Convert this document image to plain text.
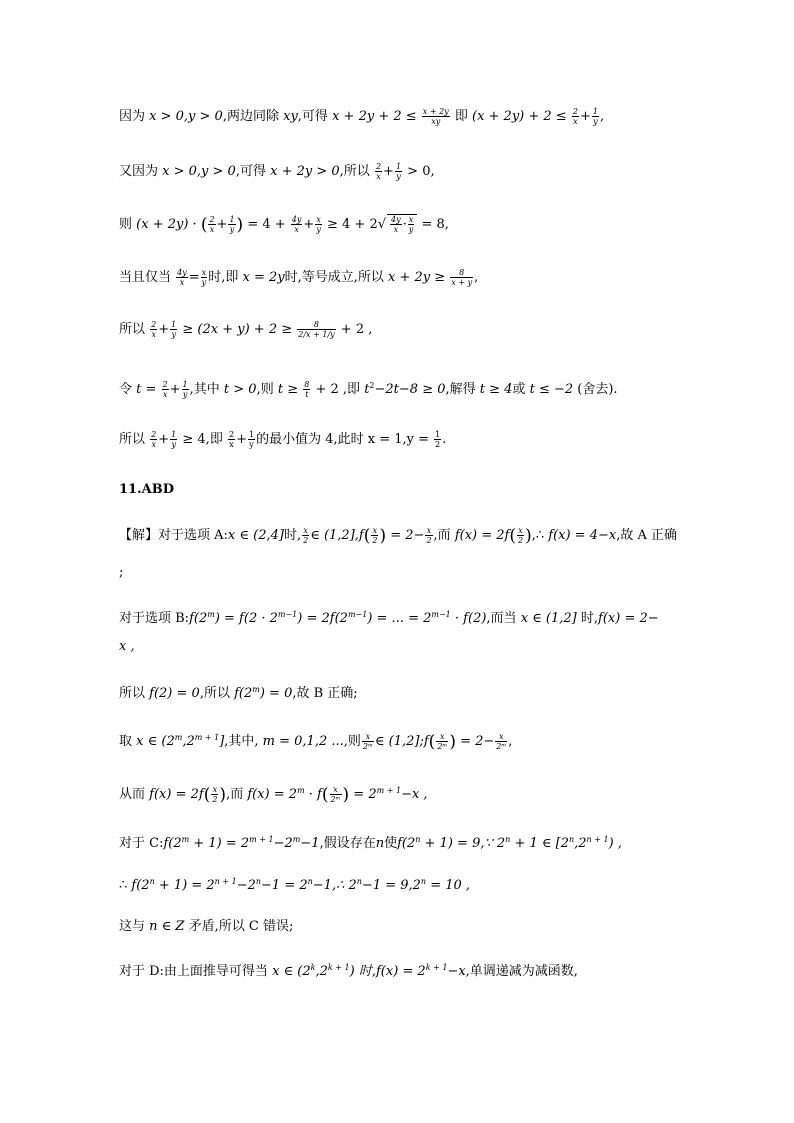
因为 x > 0,y > 0,两边同除 xy,可得 $x + 2y + 2 \le \frac{x + 2y}{xy}$ 即 $(x + 2y) + 2 \le \frac{2}{x} + \frac{1}{y}$ ,
又因为 x > 0,y > 0,可得 x + 2y > 0,所以 $\frac{2}{x} + \frac{1}{y} > 0$,
则 (x + 2y) · ( $\frac{2}{x} + \frac{1}{y}$ ) = $4 + \frac{4y}{x} + \frac{x}{y} \ge 4 + 2√ \frac{4y}{x} \cdot \frac{x}{y} = 8$,
当且仅当 $\frac{4y}{x} = \frac{x}{y}$ 时,即 x = 2y时,等号成立,所以 $x + 2y \ge \frac{8}{x + y}$ ,
所以 $\frac{2}{x} + \frac{1}{y} \ge (2x + y) + 2 \ge \frac{8}{2/x + 1/y} + 2$ ,
令 $t = \frac{2}{x} + \frac{1}{y}$ ,其中 t > 0,则 $t \ge \frac{8}{t} + 2$ ,即 $t^2-2t-8 \ge 0$,解得 t ≥ 4或 t ≤ −2 (舍去).
所以 $\frac{2}{x} + \frac{1}{y} \ge 4$,即 $\frac{2}{x} + \frac{1}{y}$ 的最小值为 4,此时 $x = 1,y = \frac{1}{2}$ .
11.ABD
【解】对于选项 A:x ∈ (2,4]时, $\frac{x}{2}$ ∈ $(1,2],f( \frac{x}{2}$ ) = $2- \frac{x}{2}$ ,而 $f(x) = 2f( \frac{x}{2}$ ),∴ f(x) = 4−x,故 A 正确
;
对于选项 $B:f(2^m) = f(2 \cdot 2^{m-1}) = 2f(2^{m-1})$ = ... = $2^{m-1} \cdot f(2)$,而当 x ∈ (1,2] 时,f(x) = 2−
x ,
所以 f(2) = 0,所以 $f(2^m) = 0$,故 B 正确;
取 x ∈ $(2^m,2^{m + 1}]$,其中, m = 0,1,2 ...,则 $\frac{x}{\text{2ᵐ}}$ ∈ (1,2];f( $\frac{x}{\text{2ᵐ}}$ ) = $2- \frac{x}{\text{2ᵐ}}$ ,
从而 $f(x) = 2f( \frac{x}{2}$ ),而 $f(x) = 2^m \cdot f( \frac{x}{\text{2ᵐ}}$ ) = $2^{m + 1}-x$ ,
对于 $C:f(2^m + 1) = 2^{m + 1}-2^m-1$,假设存在n使$f(2^n + 1)$ = 9,∵ $2^n + 1$ ∈ $[2^n,2^{n + 1})$ ,
∴ $f(2^n + 1) = 2^{n + 1}-2^n-1$ = $2^n-1,\therefore$ $2^n-1 = 9,2^n = 10$ ,
这与 n ∈ Z 矛盾,所以 C 错误;
对于 D:由上面推导可得当 x ∈ $(2^k,2^{k + 1})$ 时$,f(x) = 2^{k + 1}-x$,单调递减为减函数,
